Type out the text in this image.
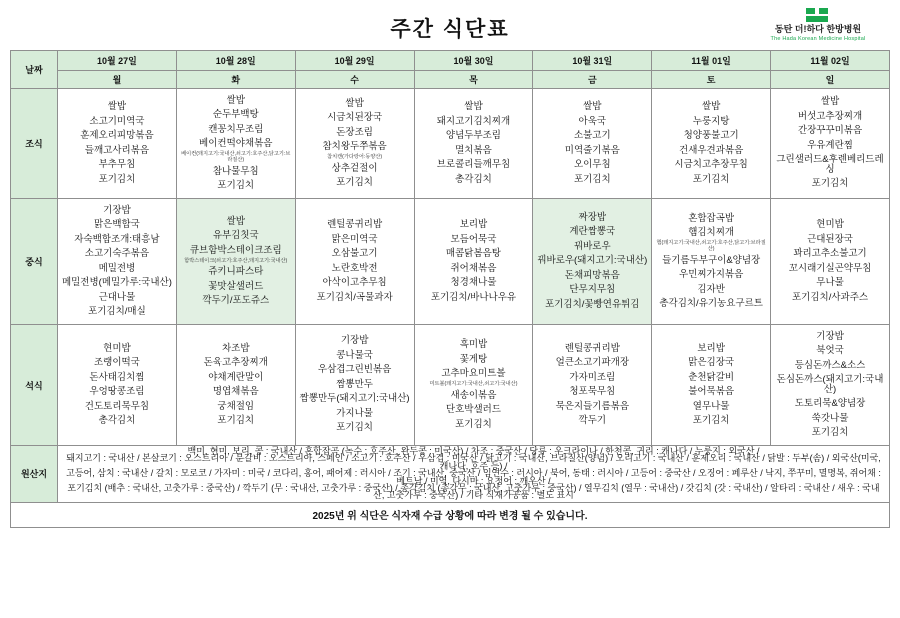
주간 식단표	동탄 더!하다 한방병원
The Hada Korean Medicine Hospital
날짜	10월 27일	10월 28일	10월 29일	10월 30일	10월 31일	11월 01일	11월 02일
	월	화	수	목	금	토	일
조식	
쌀밥
소고기미역국
훈제오리피망볶음
들깨고사리볶음
부추무침
포기김치

쌀밥
순두부백탕
캔꽁치무조림
베이컨떡야채볶음
베이컨(돼지고기:국내산,쇠고기:호주산,닭고기:브라질산)
참나물무침
포기김치

쌀밥
시금치된장국
돈장조림
참치왕두쭈볶음
참치캔(가다랑어:동양산)
상추겉절이
포기김치

쌀밥
돼지고기김치찌개
양념두부조림
멸치볶음
브로콜리들깨무침
총각김치

쌀밥
아욱국
소불고기
미역줄기볶음
오이무침
포기김치

쌀밥
누룽지탕
청양풍불고기
건새우견과볶음
시금치고추장무침
포기김치

쌀밥
버섯고추장찌개
간장꾸꾸미볶음
우유계란찜
그린샐러드&후렌베리드레싱
포기김치

중식	
기장밥
맑은백합국
자숙백합조개:태흥남
소고기숙주볶음
메밀전병
메밀전병(메밀가루:국내산)
근대나물
포기김치/매실

쌀밥
유부김칫국
큐브함박스테이크조림
함박스테이크(쇠고기:호주산,돼지고기:국내산)
쥬키니파스타
꽃맛살샐러드
깍두기/포도쥬스

렌틸콩귀리밥
맑은미역국
오삼불고기
노란호박전
아삭이고추무침
포기김치/곡물과자

보리밥
모듬어묵국
매콤닭봄음탕
쥐어채볶음
청경채나물
포기김치/바나나우유

짜장밥
계란짬뽕국
꿔바로우
꿔바로우(돼지고기:국내산)
돈채피망볶음
단무지무침
포기김치/꽃빵연유튀김

혼합잡곡밥
햄김치찌개
햄(돼지고기:국내산,쇠고기:호주산,닭고기:브라질산)
들기름두부구이&양념장
우민찌가지볶음
김자반
총각김치/유기농요구르트

현미밥
근대된장국
꽈리고추소불고기
꼬시래기실곤약무침
무나물
포기김치/사과주스

석식	
현미밥
조랭이떡국
돈사태김치찜
우엉땅콩조림
건도토리묵무침
총각김치

차조밥
돈육고추장찌개
야채계란말이
명엽채볶음
궁채절임
포기김치

기장밥
콩나물국
우삼겹그린빈볶음
짬뽕만두
짬뽕만두(돼지고기:국내산)
가지나물
포기김치

흑미밥
꽃게탕
고추마요미트볼
미트볼(돼지고기:국내산,쇠고기:국내산)
새송이볶음
단호박샐러드
포기김치

렌틸콩귀리밥
얼큰소고기파개장
가자미조림
청포묵무침
묵은지들기름볶음
깍두기

보리밥
맑은김장국
춘천닭갈비
불어묵볶음
열무나물
포기김치

기장밥
북엇국
등심돈까스&소스
돈심돈까스(돼지고기:국내산)
도토리묵&양념장
쑥갓나물
포기김치

원산지	백미, 현미, 보리, 콩 : 국내산 / 혼합잡곡 (녹수 : 호주산, 완두콩 : 미국산) / 차조 : 중국산 / 당류 : 우크라이나 / 한천콩, 귀리 : 캐나다 / 누룽지 : 외국산 /
돼지고기 : 국내산 / 본살코기 : 오스트리아 / 분갈비 : 오스트리아, 스페인 / 소고기 : 호주산 / 우삼겹 : 미국산 / 닭고기 : 국내산, 브라질산(양념) / 오리고기 : 국내산 / 훈제오리 : 국내산 / 닭발 : 두부(솜) / 외국산(미국, 캐나다, 호주 등) /
고등어, 삼치 : 국내산 / 갈치 : 모로코 / 가자미 : 미국 / 코다리, 홍어, 패어제 : 러시아 / 조기 : 국내산, 중국산 / 임연수 : 러시아 / 북어, 동태 : 러시아 / 고등어 : 중국산 / 오징어 : 페루산 / 낙지, 쭈꾸미, 멸명복, 쥐어채 : 베트남 / 미역, 다시마 : 요청어 : 깨우산 /
포기김치 (배추 : 국내산, 고춧가루 : 중국산) / 깍두기 (무 : 국내산, 고춧가루 : 중국산) / 총각김치 (총각무 : 국내산, 고춧가루 : 중국산) / 열무김치 (열무 : 국내산) / 갓김치 (갓 : 국내산) / 알타리 : 국내산 / 새우 : 국내산, 고춧가루 : 중국산) / 기타 식재가공품 : 별도 표시						
2025년 위 식단은 식자재 수급 상황에 따라 변경 될 수 있습니다.
